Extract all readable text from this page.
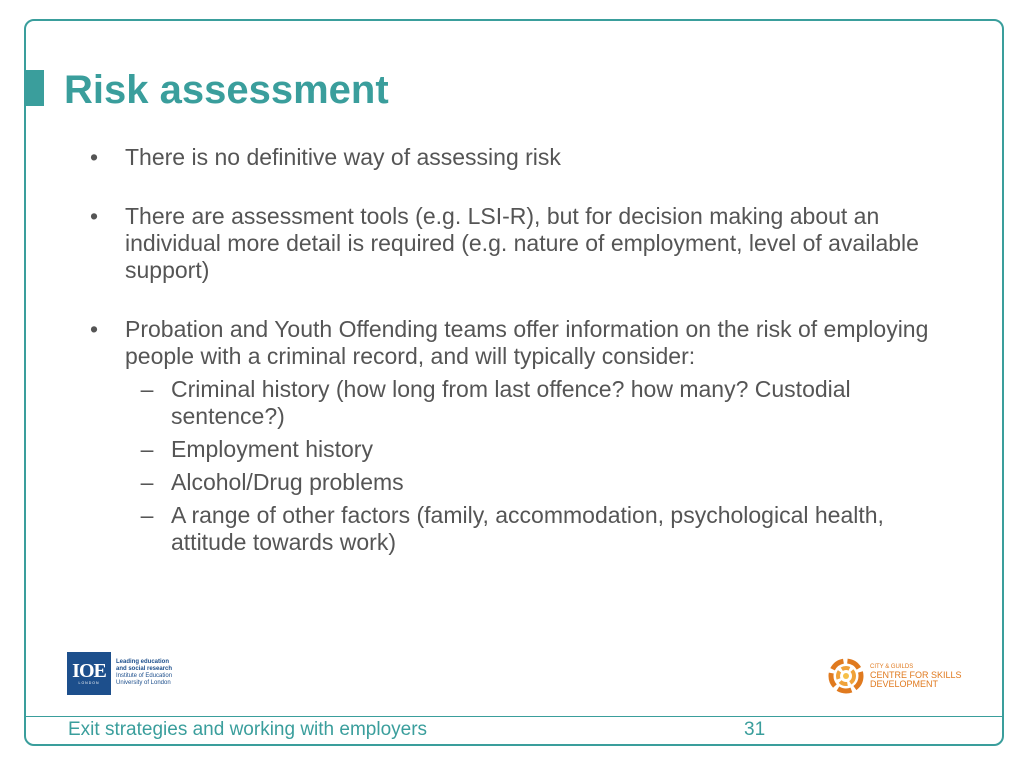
Risk assessment

• There is no definitive way of assessing risk

• There are assessment tools (e.g. LSI-R), but for decision making about an individual more detail is required (e.g. nature of employment, level of available support)

• Probation and Youth Offending teams offer information on the risk of employing people with a criminal record, and will typically consider:

– Criminal history (how long from last offence? how many? Custodial sentence?)
– Employment history
– Alcohol/Drug problems
– A range of other factors (family, accommodation, psychological health, attitude towards work)
IOE
LONDON
Leading education
and social research
Institute of Education
University of London
CITY & GUILDS
CENTRE FOR SKILLS
DEVELOPMENT
Exit strategies and working with employers	31
